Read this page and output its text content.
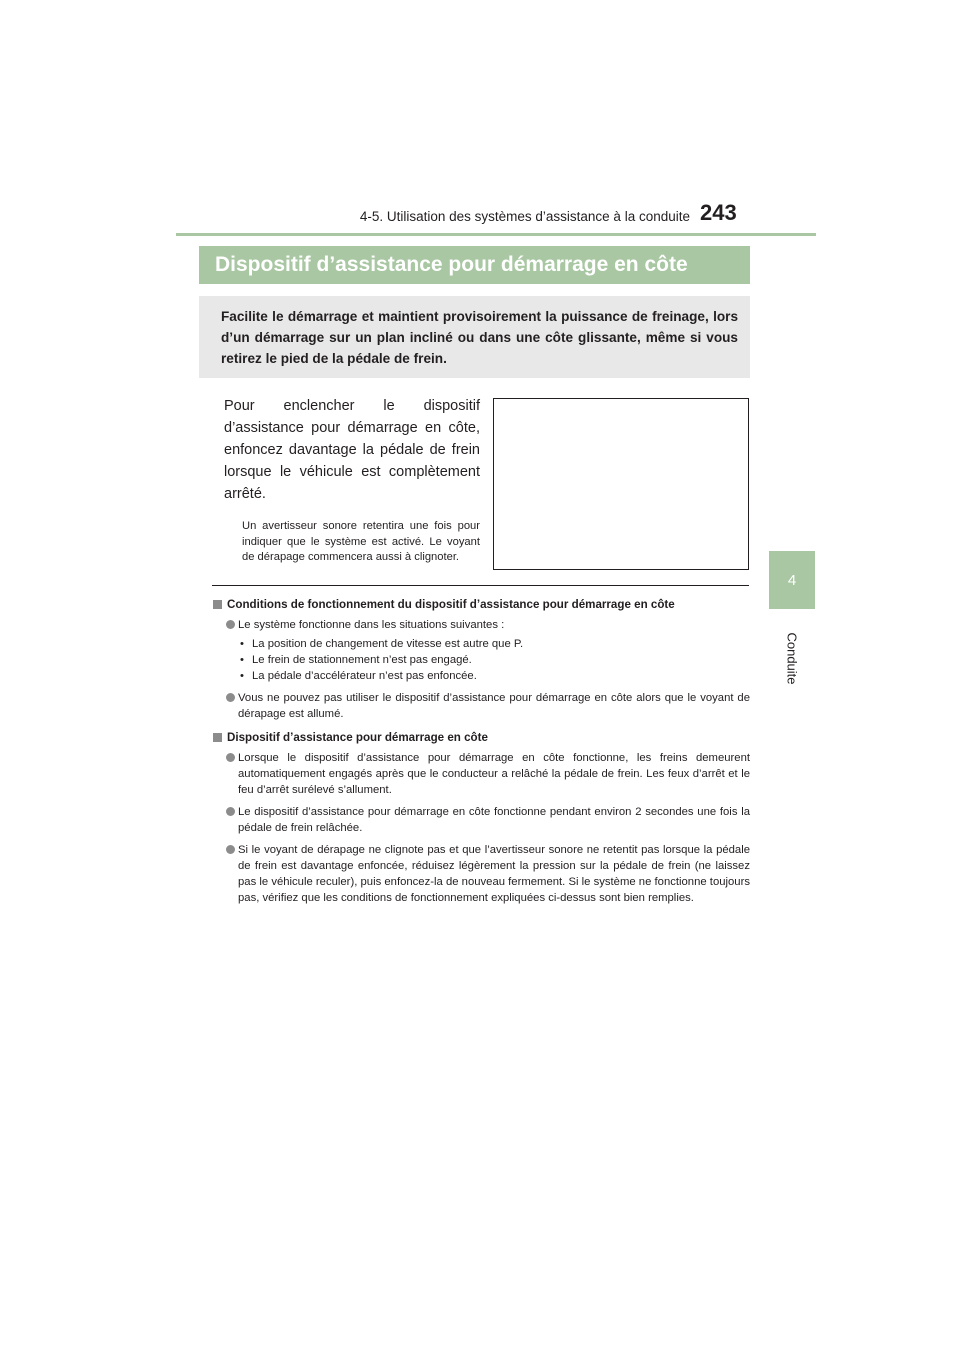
4-5. Utilisation des systèmes d’assistance à la conduite 243
4
Conduite
Dispositif d’assistance pour démarrage en côte

Facilite le démarrage et maintient provisoirement la puissance de freinage, lors d’un démarrage sur un plan incliné ou dans une côte glissante, même si vous retirez le pied de la pédale de frein.

Pour enclencher le dispositif d’assistance pour démarrage en côte, enfoncez davantage la pédale de frein lorsque le véhicule est complètement arrêté.

Un avertisseur sonore retentira une fois pour indiquer que le système est activé. Le voyant de dérapage commencera aussi à clignoter.

Conditions de fonctionnement du dispositif d’assistance pour démarrage en côte
Le système fonctionne dans les situations suivantes :
• La position de changement de vitesse est autre que P.
• Le frein de stationnement n’est pas engagé.
• La pédale d’accélérateur n’est pas enfoncée.
Vous ne pouvez pas utiliser le dispositif d’assistance pour démarrage en côte alors que le voyant de dérapage est allumé.
Dispositif d’assistance pour démarrage en côte
Lorsque le dispositif d’assistance pour démarrage en côte fonctionne, les freins demeurent automatiquement engagés après que le conducteur a relâché la pédale de frein. Les feux d’arrêt et le feu d’arrêt surélevé s’allument.
Le dispositif d’assistance pour démarrage en côte fonctionne pendant environ 2 secondes une fois la pédale de frein relâchée.
Si le voyant de dérapage ne clignote pas et que l’avertisseur sonore ne retentit pas lorsque la pédale de frein est davantage enfoncée, réduisez légèrement la pression sur la pédale de frein (ne laissez pas le véhicule reculer), puis enfoncez-la de nouveau fermement. Si le système ne fonctionne toujours pas, vérifiez que les conditions de fonctionnement expliquées ci-dessus sont bien remplies.
